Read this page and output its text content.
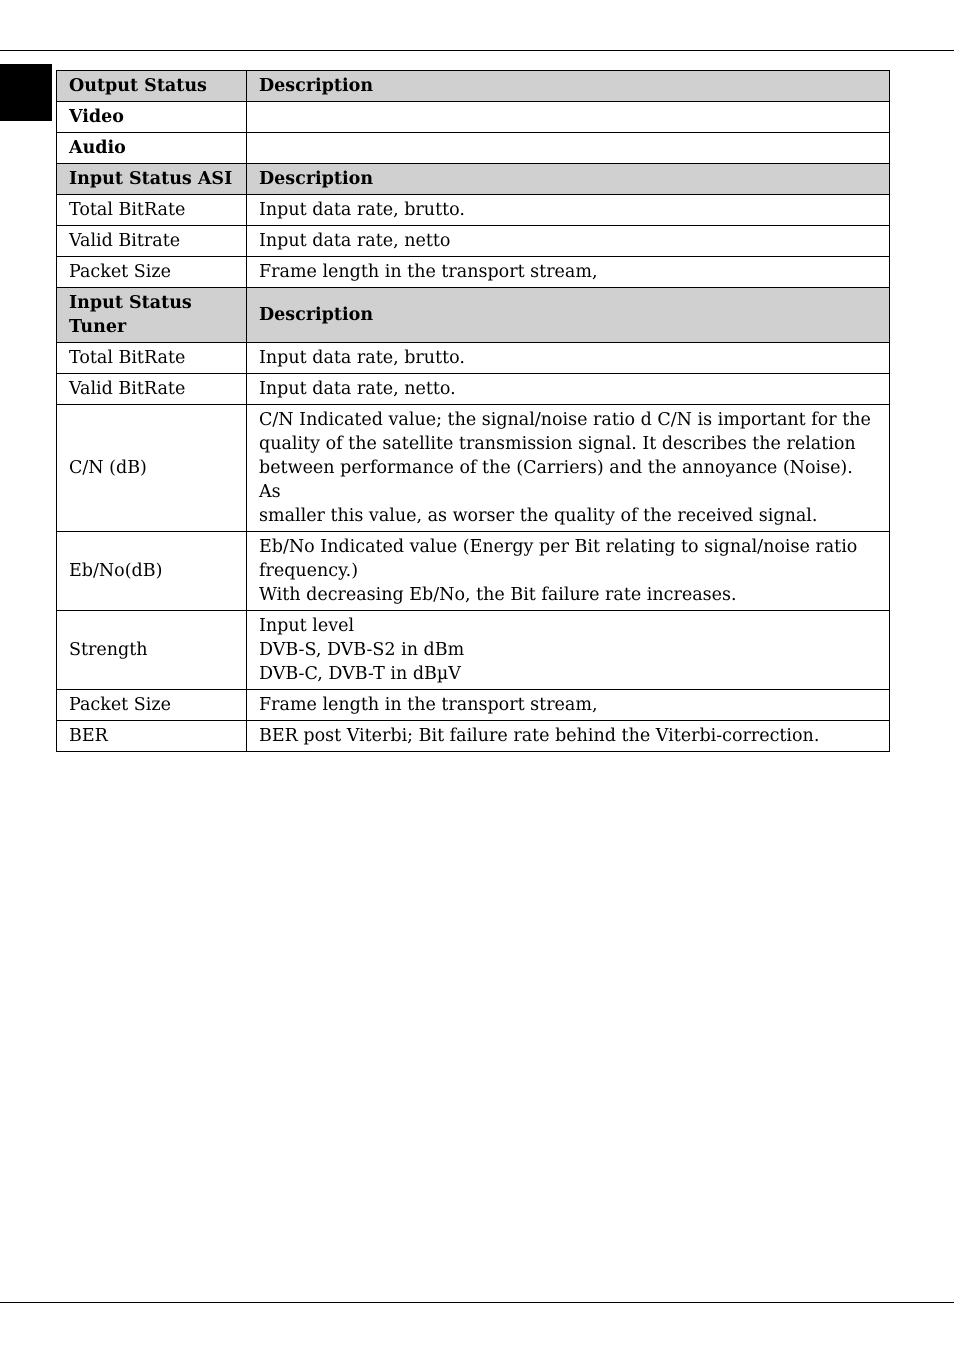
Output Status	Description
Video	

Audio	

Input Status ASI	Description
Total BitRate	Input data rate, brutto.

Valid Bitrate	Input data rate, netto

Packet Size	Frame length in the transport stream,

Input Status Tuner	Description
Total BitRate	Input data rate, brutto.

Valid BitRate	Input data rate, netto.

C/N (dB)	C/N Indicated value; the signal/noise ratio d C/N is important for the
quality of the satellite transmission signal. It describes the relation
between performance of the (Carriers) and the annoyance (Noise). As
smaller this value, as worser the quality of the received signal.

Eb/No(dB)	Eb/No Indicated value (Energy per Bit relating to signal/noise ratio
frequency.)
With decreasing Eb/No, the Bit failure rate increases.

Strength	Input level
DVB-S, DVB-S2 in dBm
DVB-C, DVB-T in dBµV

Packet Size	Frame length in the transport stream,

BER	BER post Viterbi; Bit failure rate behind the Viterbi-correction.
